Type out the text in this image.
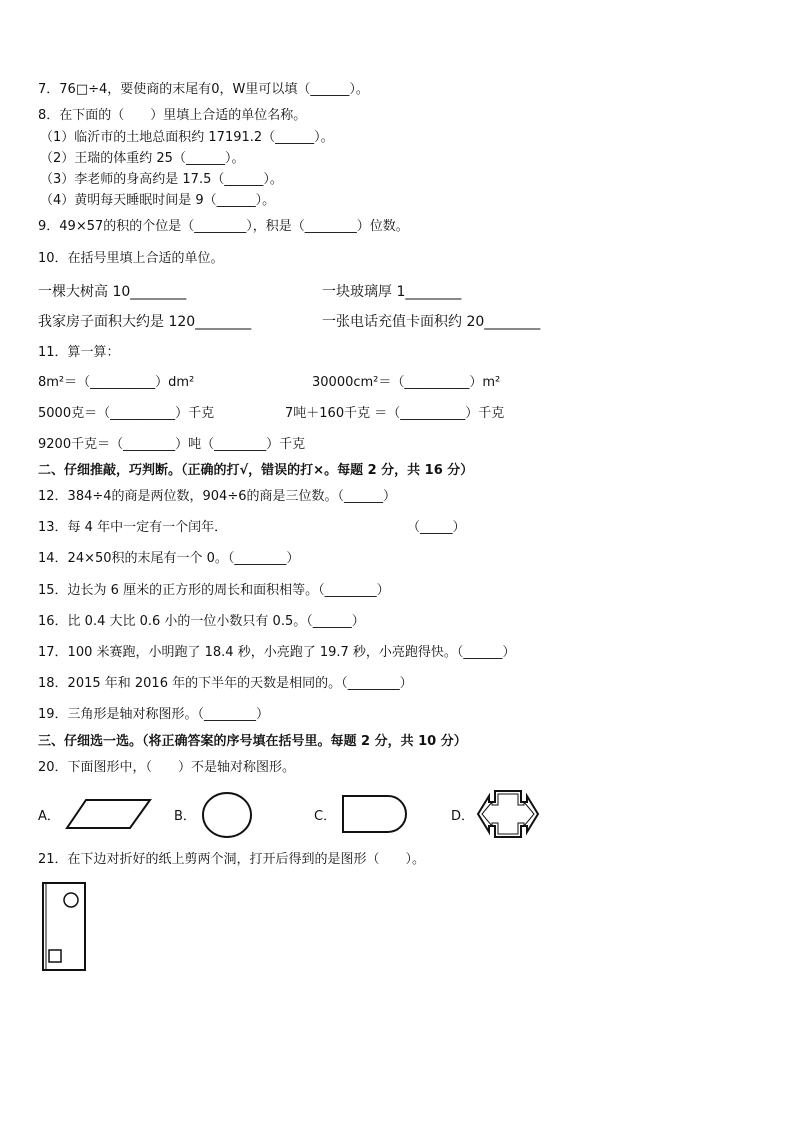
7．76□÷4，要使商的末尾有0，W里可以填（______）。
8．在下面的（　　）里填上合适的单位名称。
（1）临沂市的土地总面积约 17191.2（______）。
（2）王瑞的体重约 25（______）。
（3）李老师的身高约是 17.5（______）。
（4）黄明每天睡眠时间是 9（______）。
9．49×57的积的个位是（________），积是（________）位数。
10．在括号里填上合适的单位。
一棵大树高 10________	一块玻璃厚 1________
我家房子面积大约是 120________	一张电话充值卡面积约 20________
11．算一算：
8m²＝（__________）dm²	30000cm²＝（__________）m²
5000克＝（__________）千克	7吨＋160千克 ＝（__________）千克
9200千克＝（________）吨（________）千克
二、仔细推敲，巧判断。（正确的打√，错误的打×。每题 2 分，共 16 分）
12．384÷4的商是两位数，904÷6的商是三位数。（______）
13．每 4 年中一定有一个闰年．	（_____）
14．24×50积的末尾有一个 0。（________）
15．边长为 6 厘米的正方形的周长和面积相等。（________）
16．比 0.4 大比 0.6 小的一位小数只有 0.5。（______）
17．100 米赛跑，小明跑了 18.4 秒，小亮跑了 19.7 秒，小亮跑得快。（______）
18．2015 年和 2016 年的下半年的天数是相同的。（________）
19．三角形是轴对称图形。（________）
三、仔细选一选。（将正确答案的序号填在括号里。每题 2 分，共 10 分）
20．下面图形中，（　　）不是轴对称图形。
A．	B．	C．	D．
21．在下边对折好的纸上剪两个洞，打开后得到的是图形（　　）。
